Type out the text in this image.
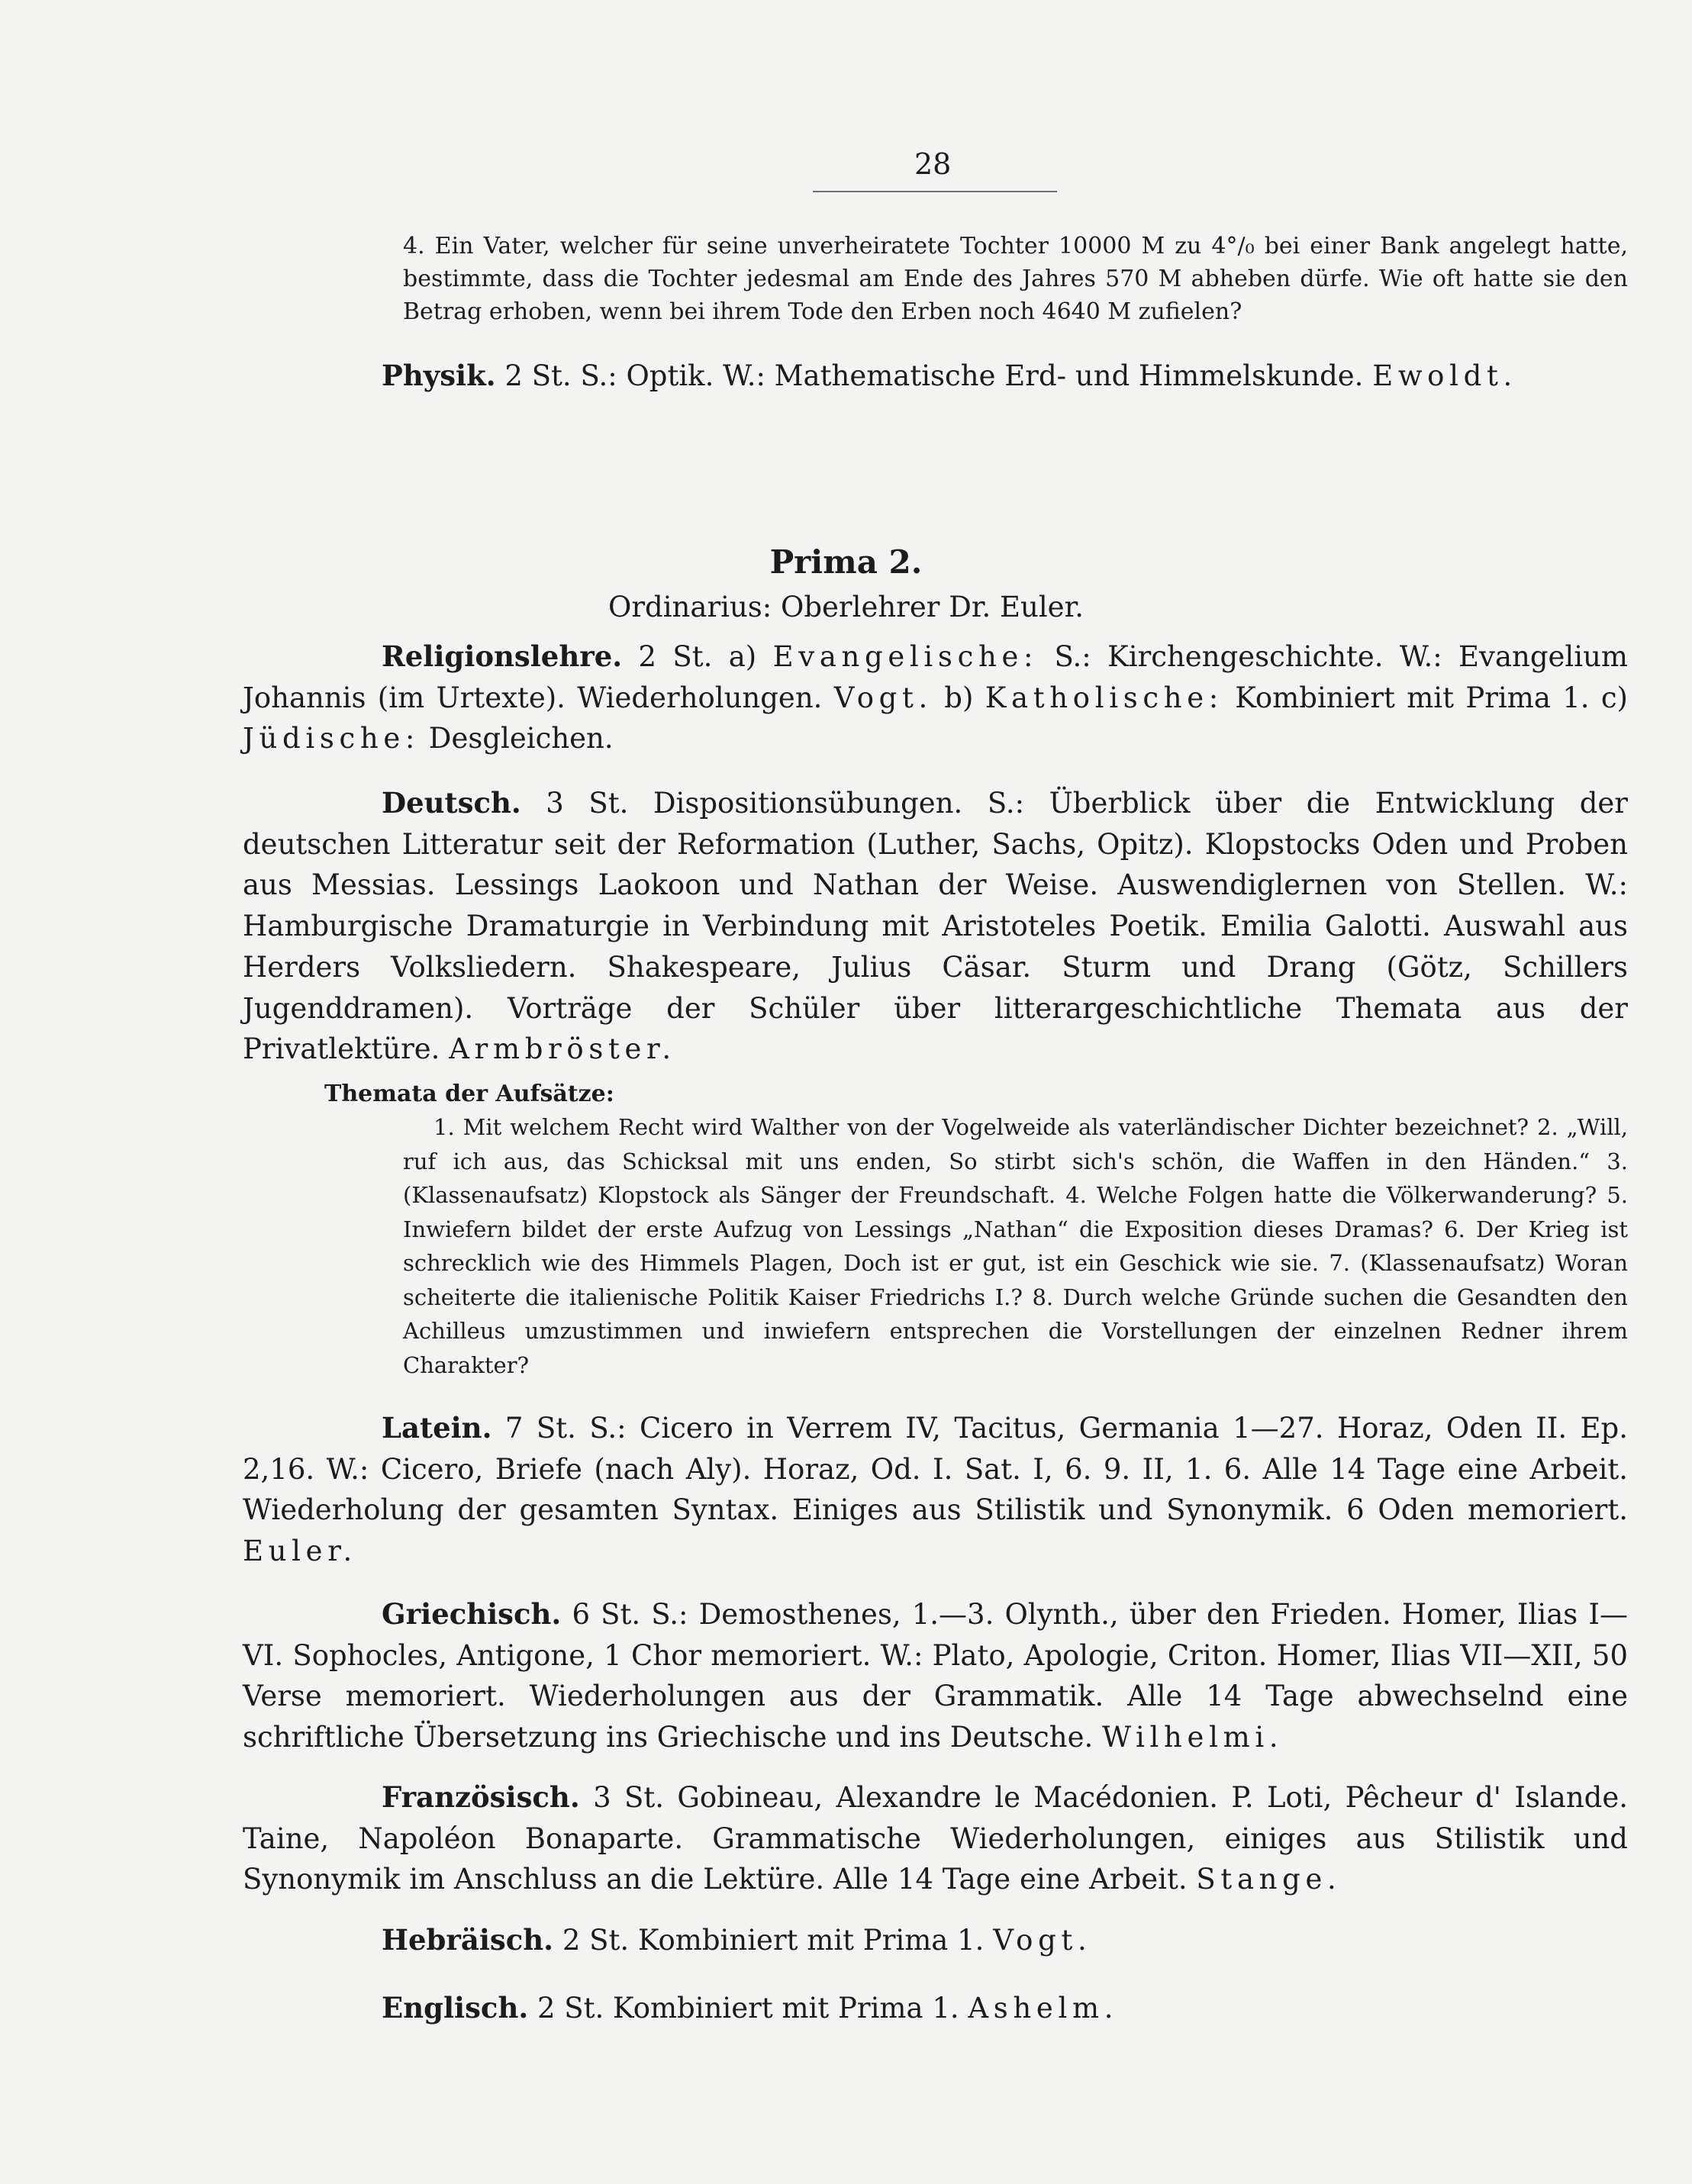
28

4. Ein Vater, welcher für seine unverheiratete Tochter 10000 M zu 4°/₀ bei einer Bank angelegt hatte, bestimmte, dass die Tochter jedesmal am Ende des Jahres 570 M abheben dürfe. Wie oft hatte sie den Betrag erhoben, wenn bei ihrem Tode den Erben noch 4640 M zufielen?

Physik. 2 St. S.: Optik. W.: Mathematische Erd- und Himmelskunde. Ewoldt.

Prima 2.

Ordinarius: Oberlehrer Dr. Euler.

Religionslehre. 2 St. a) Evangelische: S.: Kirchengeschichte. W.: Evangelium Johannis (im Urtexte). Wiederholungen. Vogt. b) Katholische: Kombiniert mit Prima 1. c) Jüdische: Desgleichen.

Deutsch. 3 St. Dispositionsübungen. S.: Überblick über die Entwicklung der deutschen Litteratur seit der Reformation (Luther, Sachs, Opitz). Klopstocks Oden und Proben aus Messias. Lessings Laokoon und Nathan der Weise. Auswendiglernen von Stellen. W.: Hamburgische Dramaturgie in Verbindung mit Aristoteles Poetik. Emilia Galotti. Auswahl aus Herders Volksliedern. Shakespeare, Julius Cäsar. Sturm und Drang (Götz, Schillers Jugenddramen). Vorträge der Schüler über litterargeschichtliche Themata aus der Privatlektüre. Armbröster.

Themata der Aufsätze:

1. Mit welchem Recht wird Walther von der Vogelweide als vaterländischer Dichter bezeichnet? 2. „Will, ruf ich aus, das Schicksal mit uns enden, So stirbt sich's schön, die Waffen in den Händen.“ 3. (Klassenaufsatz) Klopstock als Sänger der Freundschaft. 4. Welche Folgen hatte die Völkerwanderung? 5. Inwiefern bildet der erste Aufzug von Lessings „Nathan“ die Exposition dieses Dramas? 6. Der Krieg ist schrecklich wie des Himmels Plagen, Doch ist er gut, ist ein Geschick wie sie. 7. (Klassenaufsatz) Woran scheiterte die italienische Politik Kaiser Friedrichs I.? 8. Durch welche Gründe suchen die Gesandten den Achilleus umzustimmen und inwiefern entsprechen die Vorstellungen der einzelnen Redner ihrem Charakter?

Latein. 7 St. S.: Cicero in Verrem IV, Tacitus, Germania 1—27. Horaz, Oden II. Ep. 2,16. W.: Cicero, Briefe (nach Aly). Horaz, Od. I. Sat. I, 6. 9. II, 1. 6. Alle 14 Tage eine Arbeit. Wiederholung der gesamten Syntax. Einiges aus Stilistik und Synonymik. 6 Oden memoriert. Euler.

Griechisch. 6 St. S.: Demosthenes, 1.—3. Olynth., über den Frieden. Homer, Ilias I—VI. Sophocles, Antigone, 1 Chor memoriert. W.: Plato, Apologie, Criton. Homer, Ilias VII—XII, 50 Verse memoriert. Wiederholungen aus der Grammatik. Alle 14 Tage abwechselnd eine schriftliche Übersetzung ins Griechische und ins Deutsche. Wilhelmi.

Französisch. 3 St. Gobineau, Alexandre le Macédonien. P. Loti, Pêcheur d' Islande. Taine, Napoléon Bonaparte. Grammatische Wiederholungen, einiges aus Stilistik und Synonymik im Anschluss an die Lektüre. Alle 14 Tage eine Arbeit. Stange.

Hebräisch. 2 St. Kombiniert mit Prima 1. Vogt.

Englisch. 2 St. Kombiniert mit Prima 1. Ashelm.
